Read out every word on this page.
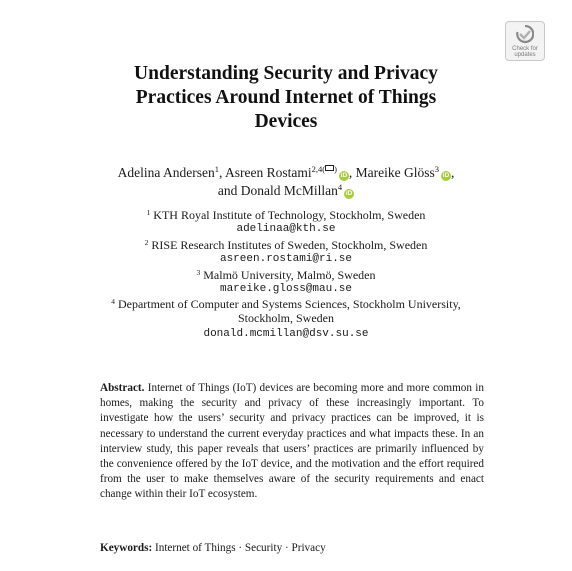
Check for
updates
Understanding Security and Privacy
Practices Around Internet of Things
Devices
Adelina Andersen$^1$, Asreen Rostami$^{2,4( )}$iD , Mareike Glöss$^3$iD ,
and Donald McMillan$^4$iD
$^1$ KTH Royal Institute of Technology, Stockholm, Sweden
adelinaa@kth.se
$^2$ RISE Research Institutes of Sweden, Stockholm, Sweden
asreen.rostami@ri.se
$^3$ Malmö University, Malmö, Sweden
mareike.gloss@mau.se
$^4$ Department of Computer and Systems Sciences, Stockholm University,
Stockholm, Sweden
donald.mcmillan@dsv.su.se
Abstract. Internet of Things (IoT) devices are becoming more and more common in homes, making the security and privacy of these increasingly important. To investigate how the users’ security and privacy practices can be improved, it is necessary to understand the current everyday practices and what impacts these. In an interview study, this paper reveals that users’ practices are primarily influenced by the convenience offered by the IoT device, and the motivation and the effort required from the user to make themselves aware of the security requirements and enact change within their IoT ecosystem.
Keywords: Internet of Things · Security · Privacy
